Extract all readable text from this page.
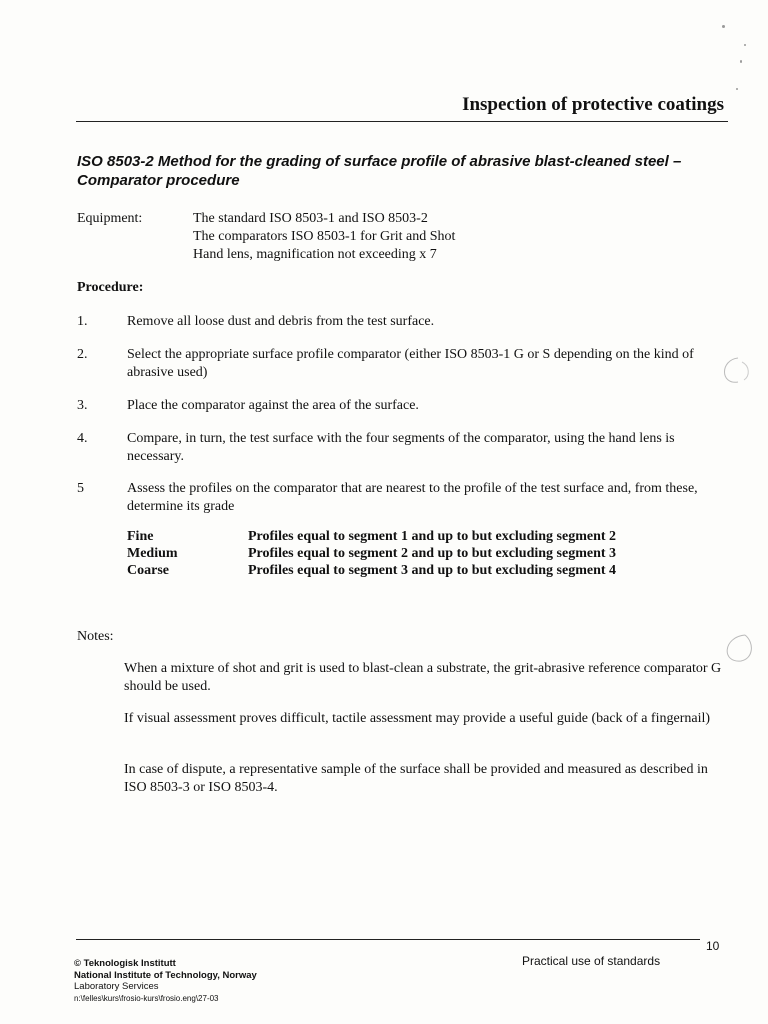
Inspection of protective coatings
ISO 8503-2 Method for the grading of surface profile of abrasive blast-cleaned steel –Comparator procedure
Equipment:	The standard ISO 8503-1 and ISO 8503-2
The comparators ISO 8503-1 for Grit and Shot
Hand lens, magnification not exceeding x 7
Procedure:
1.	Remove all loose dust and debris from the test surface.
2.	Select the appropriate surface profile comparator (either ISO 8503-1 G or S depending on the kind of abrasive used)
3.	Place the comparator against the area of the surface.
4.	Compare, in turn, the test surface with the four segments of the comparator, using the hand lens is necessary.
5	Assess the profiles on the comparator that are nearest to the profile of the test surface and, from these, determine its grade
Fine	Profiles equal to segment 1 and up to but excluding segment 2
Medium	Profiles equal to segment 2 and up to but excluding segment 3
Coarse	Profiles equal to segment 3 and up to but excluding segment 4
Notes:
When a mixture of shot and grit is used to blast-clean a substrate, the grit-abrasive reference comparator G should be used.
If visual assessment proves difficult, tactile assessment may provide a useful guide (back of a fingernail)
In case of dispute, a representative sample of the surface shall be provided and measured as described in ISO 8503-3 or ISO 8503-4.
10
Practical use of standards
© Teknologisk Institutt
National Institute of Technology, Norway
Laboratory Services
n:\felles\kurs\frosio-kurs\frosio.eng\27-03
